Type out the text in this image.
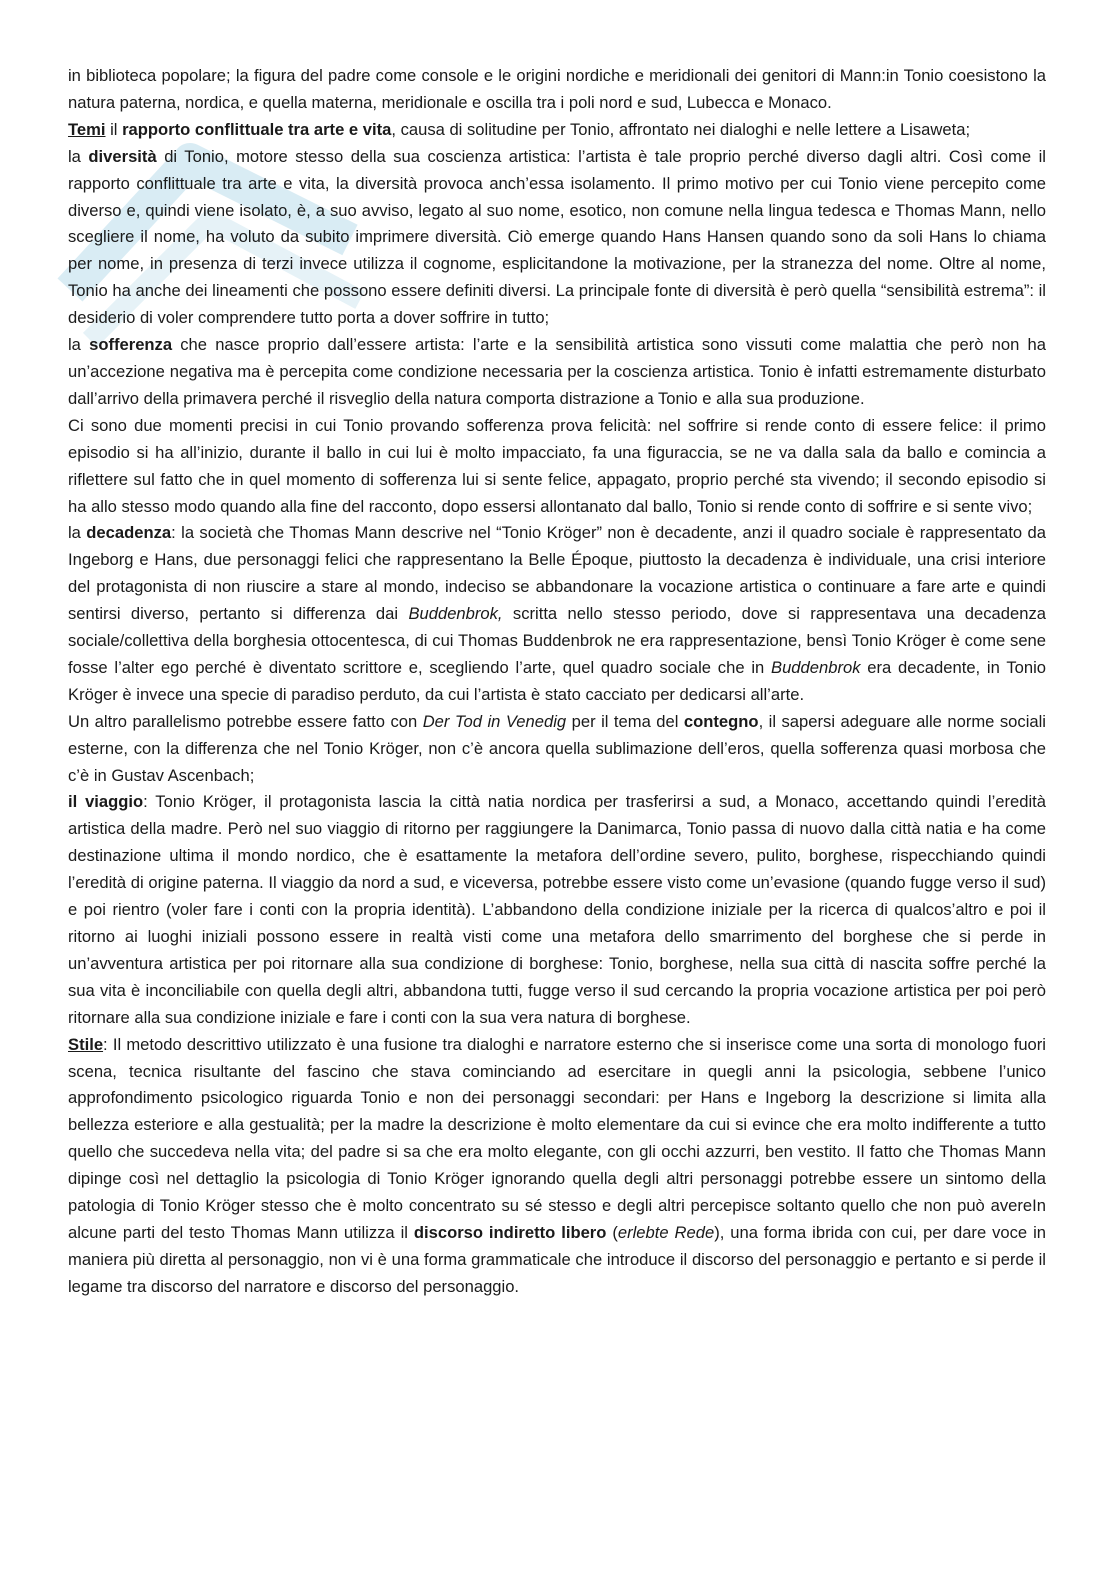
in biblioteca popolare; la figura del padre come console e le origini nordiche e meridionali dei genitori di Mann:in Tonio coesistono la natura paterna, nordica, e quella materna, meridionale e oscilla tra i poli nord e sud, Lubecca e Monaco.

Temi il rapporto conflittuale tra arte e vita, causa di solitudine per Tonio, affrontato nei dialoghi e nelle lettere a Lisaweta;

la diversità di Tonio, motore stesso della sua coscienza artistica: l’artista è tale proprio perché diverso dagli altri. Così come il rapporto conflittuale tra arte e vita, la diversità provoca anch’essa isolamento. Il primo motivo per cui Tonio viene percepito come diverso e, quindi viene isolato, è, a suo avviso, legato al suo nome, esotico, non comune nella lingua tedesca e Thomas Mann, nello scegliere il nome, ha voluto da subito imprimere diversità. Ciò emerge quando Hans Hansen quando sono da soli Hans lo chiama per nome, in presenza di terzi invece utilizza il cognome, esplicitandone la motivazione, per la stranezza del nome. Oltre al nome, Tonio ha anche dei lineamenti che possono essere definiti diversi. La principale fonte di diversità è però quella “sensibilità estrema”: il desiderio di voler comprendere tutto porta a dover soffrire in tutto;

la sofferenza che nasce proprio dall’essere artista: l’arte e la sensibilità artistica sono vissuti come malattia che però non ha un’accezione negativa ma è percepita come condizione necessaria per la coscienza artistica. Tonio è infatti estremamente disturbato dall’arrivo della primavera perché il risveglio della natura comporta distrazione a Tonio e alla sua produzione.

Ci sono due momenti precisi in cui Tonio provando sofferenza prova felicità: nel soffrire si rende conto di essere felice: il primo episodio si ha all’inizio, durante il ballo in cui lui è molto impacciato, fa una figuraccia, se ne va dalla sala da ballo e comincia a riflettere sul fatto che in quel momento di sofferenza lui si sente felice, appagato, proprio perché sta vivendo; il secondo episodio si ha allo stesso modo quando alla fine del racconto, dopo essersi allontanato dal ballo, Tonio si rende conto di soffrire e si sente vivo;

la decadenza: la società che Thomas Mann descrive nel “Tonio Kröger” non è decadente, anzi il quadro sociale è rappresentato da Ingeborg e Hans, due personaggi felici che rappresentano la Belle Époque, piuttosto la decadenza è individuale, una crisi interiore del protagonista di non riuscire a stare al mondo, indeciso se abbandonare la vocazione artistica o continuare a fare arte e quindi sentirsi diverso, pertanto si differenza dai Buddenbrok, scritta nello stesso periodo, dove si rappresentava una decadenza sociale/collettiva della borghesia ottocentesca, di cui Thomas Buddenbrok ne era rappresentazione, bensì Tonio Kröger è come sene fosse l’alter ego perché è diventato scrittore e, scegliendo l’arte, quel quadro sociale che in Buddenbrok era decadente, in Tonio Kröger è invece una specie di paradiso perduto, da cui l’artista è stato cacciato per dedicarsi all’arte.

Un altro parallelismo potrebbe essere fatto con Der Tod in Venedig per il tema del contegno, il sapersi adeguare alle norme sociali esterne, con la differenza che nel Tonio Kröger, non c’è ancora quella sublimazione dell’eros, quella sofferenza quasi morbosa che c’è in Gustav Ascenbach;

il viaggio: Tonio Kröger, il protagonista lascia la città natia nordica per trasferirsi a sud, a Monaco, accettando quindi l’eredità artistica della madre. Però nel suo viaggio di ritorno per raggiungere la Danimarca, Tonio passa di nuovo dalla città natia e ha come destinazione ultima il mondo nordico, che è esattamente la metafora dell’ordine severo, pulito, borghese, rispecchiando quindi l’eredità di origine paterna. Il viaggio da nord a sud, e viceversa, potrebbe essere visto come un’evasione (quando fugge verso il sud) e poi rientro (voler fare i conti con la propria identità). L’abbandono della condizione iniziale per la ricerca di qualcos’altro e poi il ritorno ai luoghi iniziali possono essere in realtà visti come una metafora dello smarrimento del borghese che si perde in un’avventura artistica per poi ritornare alla sua condizione di borghese: Tonio, borghese, nella sua città di nascita soffre perché la sua vita è inconciliabile con quella degli altri, abbandona tutti, fugge verso il sud cercando la propria vocazione artistica per poi però ritornare alla sua condizione iniziale e fare i conti con la sua vera natura di borghese.

Stile: Il metodo descrittivo utilizzato è una fusione tra dialoghi e narratore esterno che si inserisce come una sorta di monologo fuori scena, tecnica risultante del fascino che stava cominciando ad esercitare in quegli anni la psicologia, sebbene l’unico approfondimento psicologico riguarda Tonio e non dei personaggi secondari: per Hans e Ingeborg la descrizione si limita alla bellezza esteriore e alla gestualità; per la madre la descrizione è molto elementare da cui si evince che era molto indifferente a tutto quello che succedeva nella vita; del padre si sa che era molto elegante, con gli occhi azzurri, ben vestito. Il fatto che Thomas Mann dipinge così nel dettaglio la psicologia di Tonio Kröger ignorando quella degli altri personaggi potrebbe essere un sintomo della patologia di Tonio Kröger stesso che è molto concentrato su sé stesso e degli altri percepisce soltanto quello che non può avereIn alcune parti del testo Thomas Mann utilizza il discorso indiretto libero (erlebte Rede), una forma ibrida con cui, per dare voce in maniera più diretta al personaggio, non vi è una forma grammaticale che introduce il discorso del personaggio e pertanto e si perde il legame tra discorso del narratore e discorso del personaggio.
